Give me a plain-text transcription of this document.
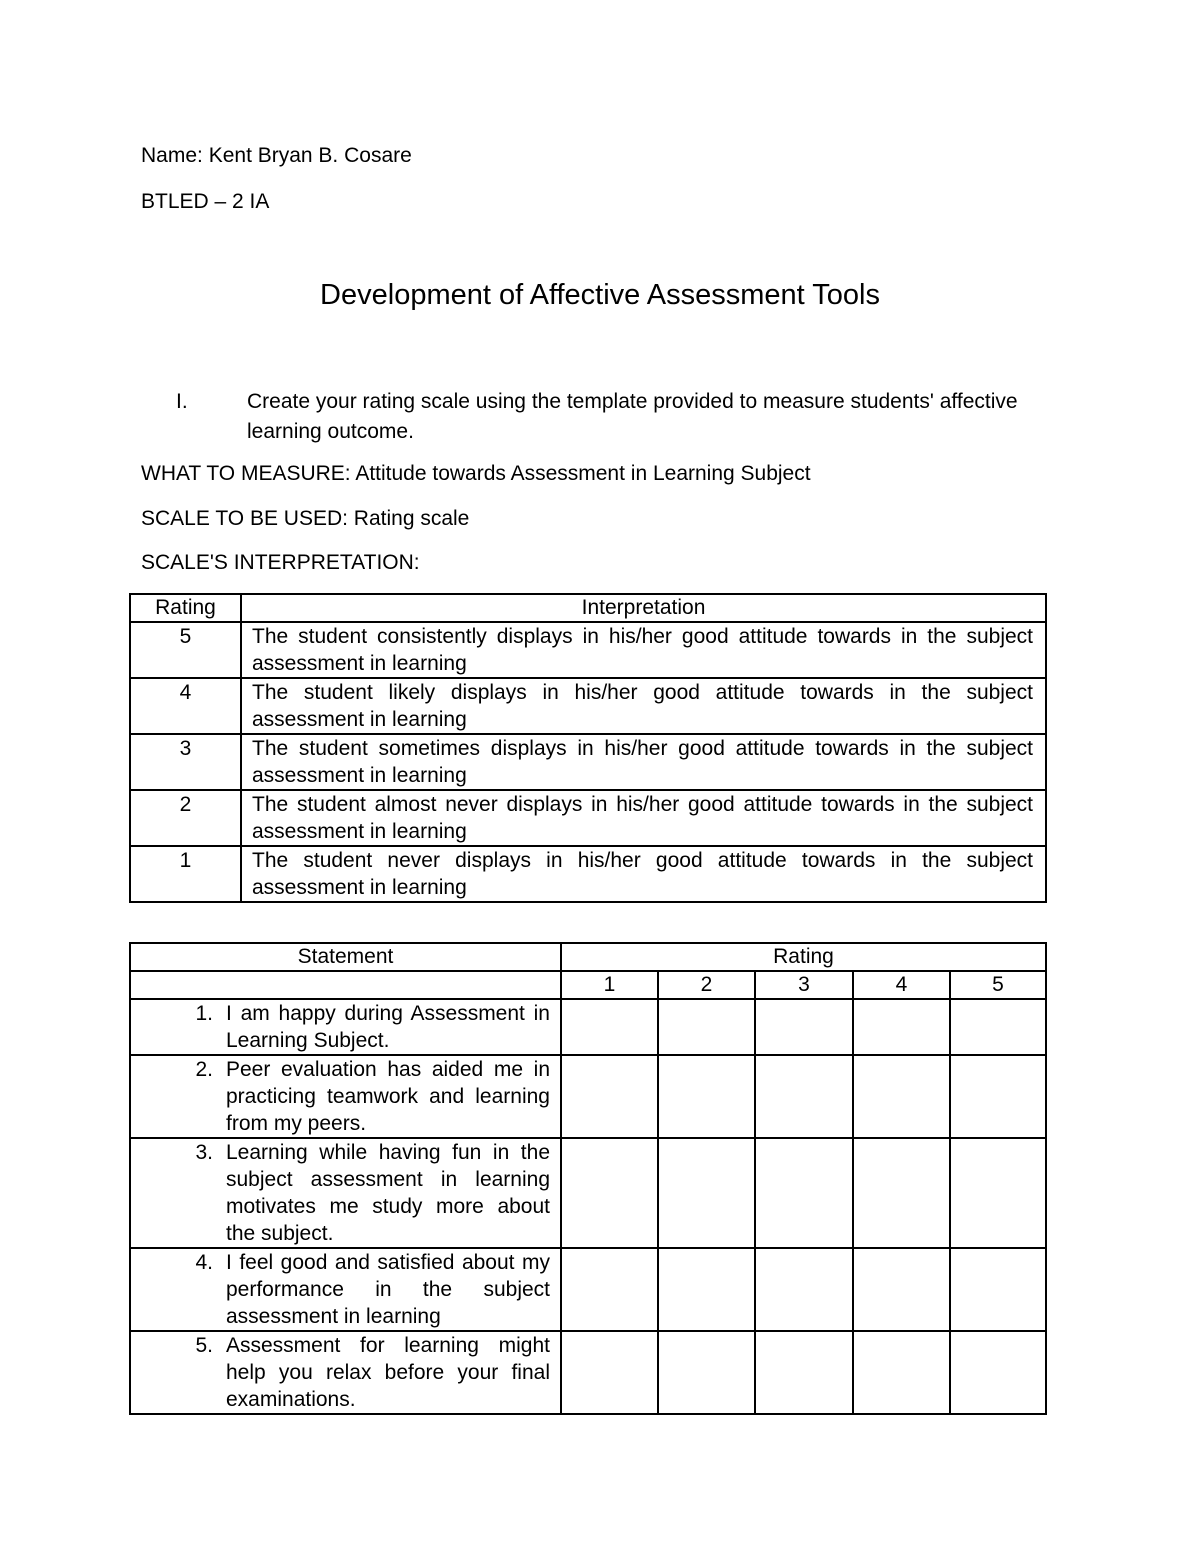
Name: Kent Bryan B. Cosare
BTLED – 2 IA
Development of Affective Assessment Tools
I.	Create your rating scale using the template provided to measure students' affective learning outcome.
WHAT TO MEASURE: Attitude towards Assessment in Learning Subject
SCALE TO BE USED: Rating scale
SCALE'S INTERPRETATION:
Rating	Interpretation
5	The student consistently displays in his/her good attitude towards in the subject assessment in learning
4	The student likely displays in his/her good attitude towards in the subject assessment in learning
3	The student sometimes displays in his/her good attitude towards in the subject assessment in learning
2	The student almost never displays in his/her good attitude towards in the subject assessment in learning
1	The student never displays in his/her good attitude towards in the subject assessment in learning
Statement	Rating				
	1	2	3	4	5

1. I am happy during Assessment in Learning Subject.					

2. Peer evaluation has aided me in practicing teamwork and learning from my peers.					

3. Learning while having fun in the subject assessment in learning motivates me study more about the subject.					

4. I feel good and satisfied about my performance in the subject assessment in learning					

5. Assessment for learning might help you relax before your final examinations.					
